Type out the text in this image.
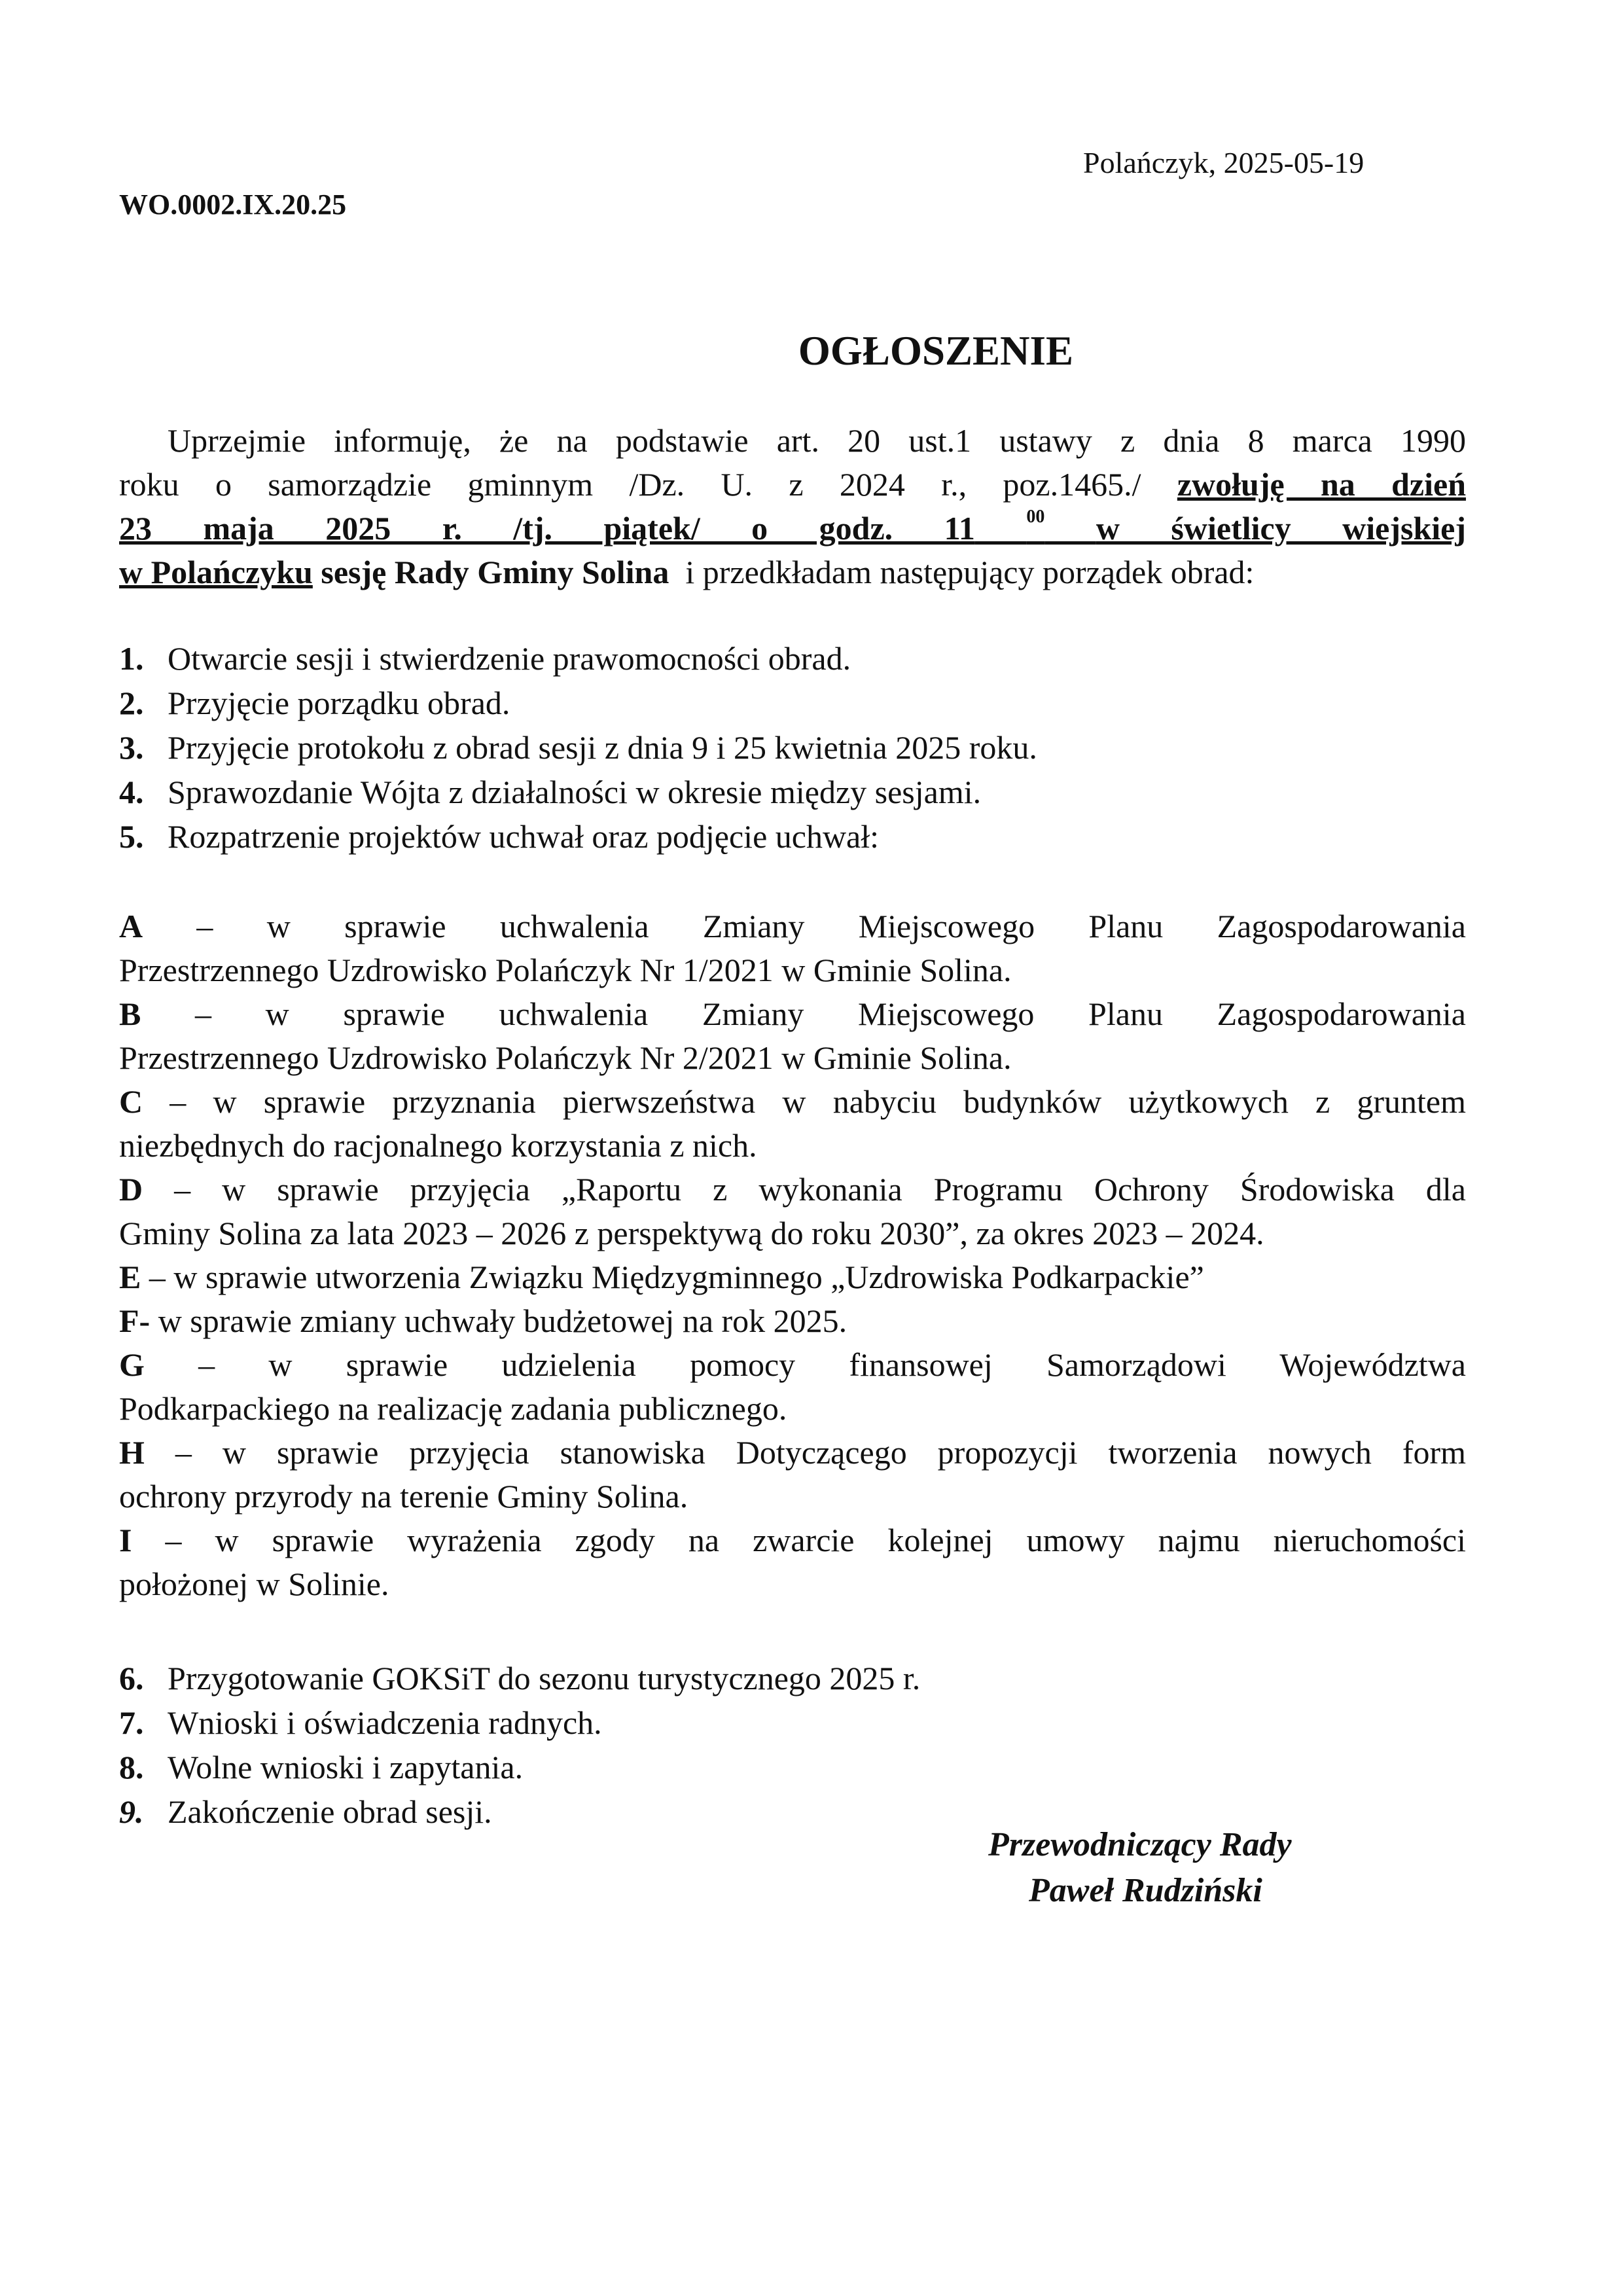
Polańczyk, 2025-05-19
WO.0002.IX.20.25
OGŁOSZENIE
Uprzejmie informuję, że na podstawie art. 20 ust.1 ustawy z dnia 8 marca 1990
roku o samorządzie gminnym /Dz. U. z 2024 r., poz.1465./ zwołuję na dzień
23 maja 2025 r. /tj. piątek/ o godz. 11	$^{00}$ w świetlicy wiejskiej
w Polańczyku sesję Rady Gminy Solina i przedkładam następujący porządek obrad:
1. Otwarcie sesji i stwierdzenie prawomocności obrad.
2. Przyjęcie porządku obrad.
3. Przyjęcie protokołu z obrad sesji z dnia 9 i 25 kwietnia 2025 roku.
4. Sprawozdanie Wójta z działalności w okresie między sesjami.
5. Rozpatrzenie projektów uchwał oraz podjęcie uchwał:
A – w sprawie uchwalenia Zmiany Miejscowego Planu Zagospodarowania
Przestrzennego Uzdrowisko Polańczyk Nr 1/2021 w Gminie Solina.
B – w sprawie uchwalenia Zmiany Miejscowego Planu Zagospodarowania
Przestrzennego Uzdrowisko Polańczyk Nr 2/2021 w Gminie Solina.
C – w sprawie przyznania pierwszeństwa w nabyciu budynków użytkowych z gruntem
niezbędnych do racjonalnego korzystania z nich.
D – w sprawie przyjęcia „Raportu z wykonania Programu Ochrony Środowiska dla
Gminy Solina za lata 2023 – 2026 z perspektywą do roku 2030”, za okres 2023 – 2024.
E – w sprawie utworzenia Związku Międzygminnego „Uzdrowiska Podkarpackie”
F- w sprawie zmiany uchwały budżetowej na rok 2025.
G – w sprawie udzielenia pomocy finansowej Samorządowi Województwa
Podkarpackiego na realizację zadania publicznego.
H – w sprawie przyjęcia stanowiska Dotyczącego propozycji tworzenia nowych form
ochrony przyrody na terenie Gminy Solina.
I – w sprawie wyrażenia zgody na zwarcie kolejnej umowy najmu nieruchomości
położonej w Solinie.
6. Przygotowanie GOKSiT do sezonu turystycznego 2025 r.
7. Wnioski i oświadczenia radnych.
8. Wolne wnioski i zapytania.
9. Zakończenie obrad sesji.
Przewodniczący Rady
Paweł Rudziński
